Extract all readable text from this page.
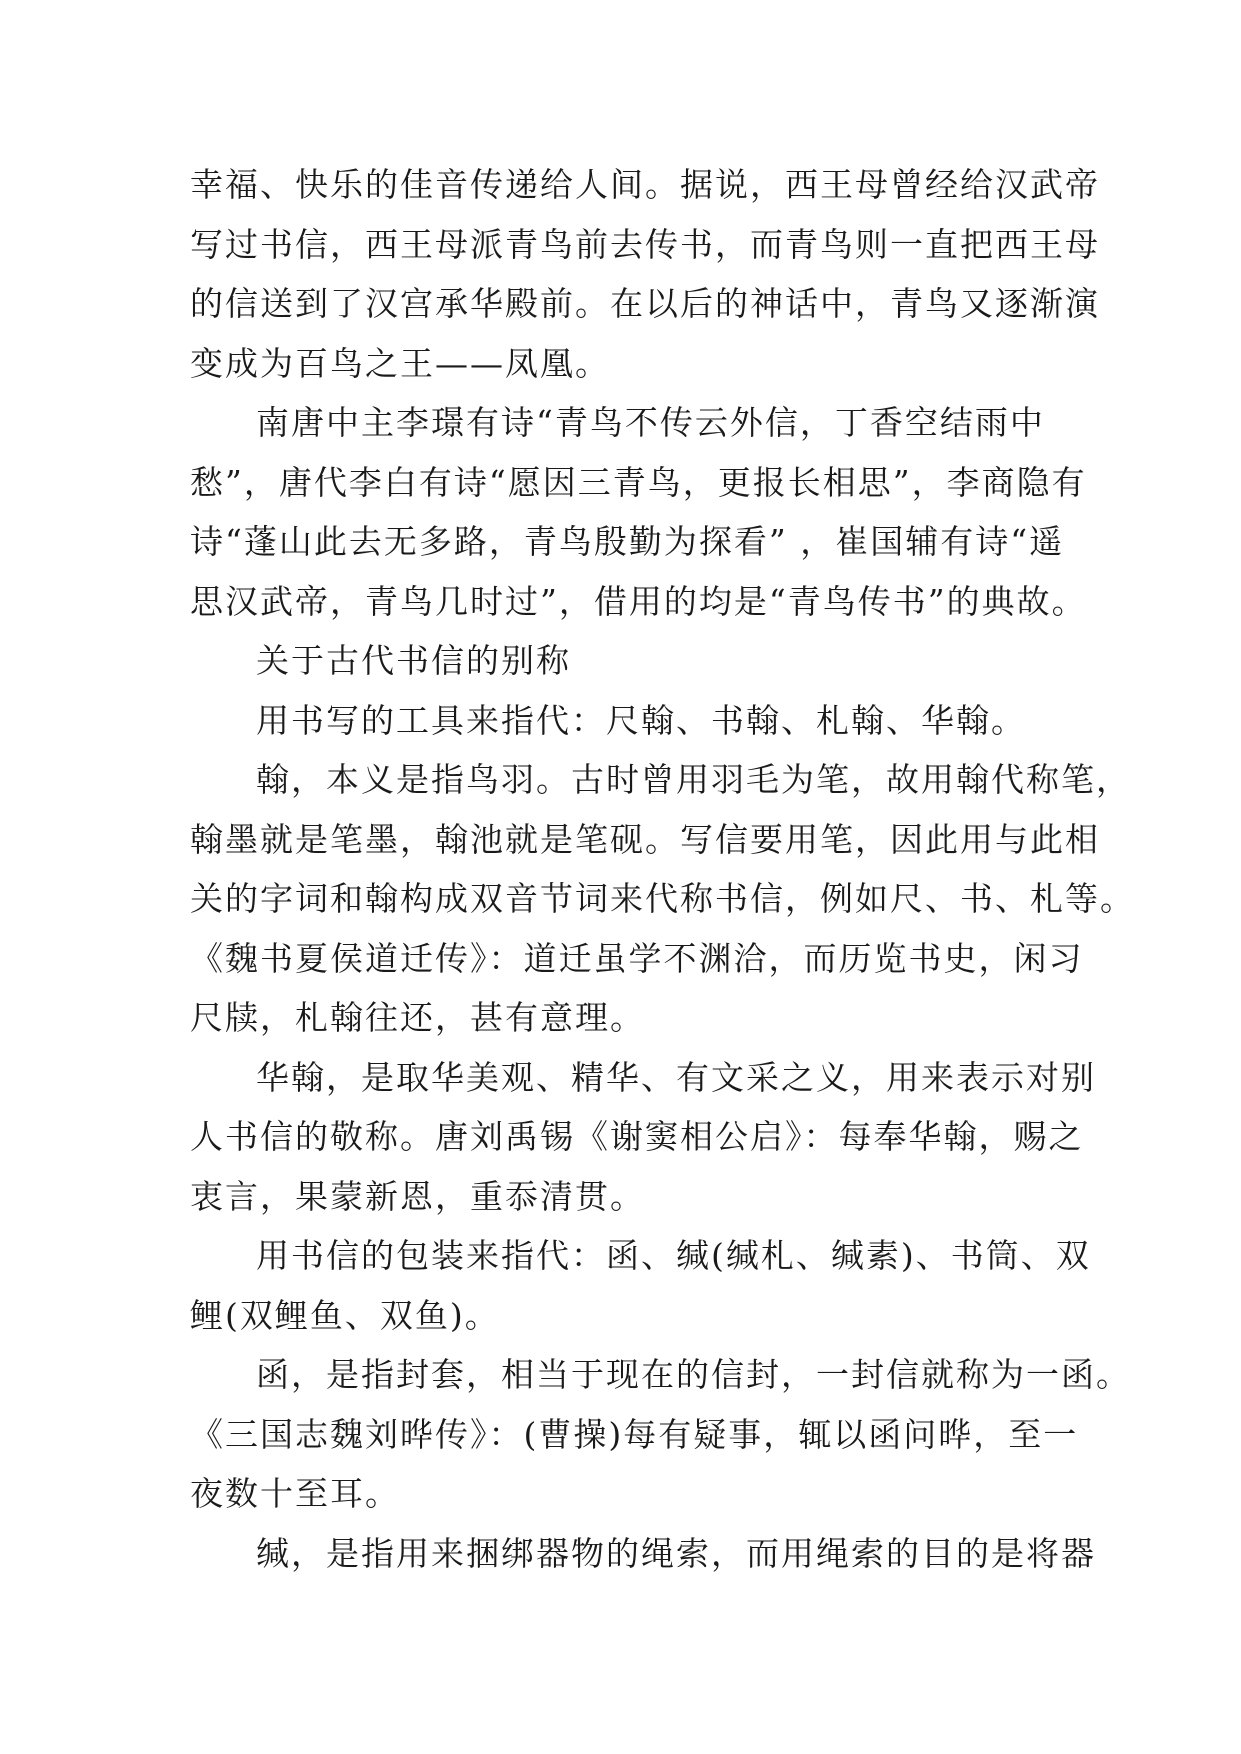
幸福、快乐的佳音传递给人间。据说，西王母曾经给汉武帝
写过书信，西王母派青鸟前去传书，而青鸟则一直把西王母
的信送到了汉宫承华殿前。在以后的神话中，青鸟又逐渐演
变成为百鸟之王——凤凰。
南唐中主李璟有诗“青鸟不传云外信，丁香空结雨中
愁”，唐代李白有诗“愿因三青鸟，更报长相思”，李商隐有
诗“蓬山此去无多路，青鸟殷勤为探看” ，崔国辅有诗“遥
思汉武帝，青鸟几时过”，借用的均是“青鸟传书”的典故。
关于古代书信的别称
用书写的工具来指代：尺翰、书翰、札翰、华翰。
翰，本义是指鸟羽。古时曾用羽毛为笔，故用翰代称笔，
翰墨就是笔墨，翰池就是笔砚。写信要用笔，因此用与此相
关的字词和翰构成双音节词来代称书信，例如尺、书、札等。
《魏书夏侯道迁传》：道迁虽学不渊洽，而历览书史，闲习
尺牍，札翰往还，甚有意理。
华翰，是取华美观、精华、有文采之义，用来表示对别
人书信的敬称。唐刘禹锡《谢窦相公启》：每奉华翰，赐之
衷言，果蒙新恩，重忝清贯。
用书信的包装来指代：函、缄(缄札、缄素)、书筒、双
鲤(双鲤鱼、双鱼)。
函，是指封套，相当于现在的信封，一封信就称为一函。
《三国志魏刘晔传》：(曹操)每有疑事，辄以函问晔，至一
夜数十至耳。
缄，是指用来捆绑器物的绳索，而用绳索的目的是将器
